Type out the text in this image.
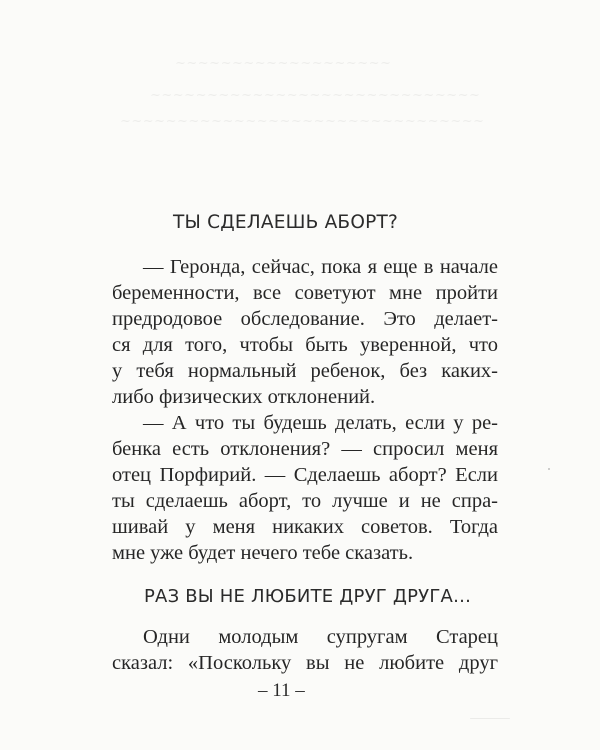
~~~~~~~~~~~~~~~~~~~
~~~~~~~~~~~~~~~~~~~~~~~~~~~~~
~~~~~~~~~~~~~~~~~~~~~~~~~~~~~~~~
ТЫ СДЕЛАЕШЬ АБОРТ?
— Геронда, сейчас, пока я еще в начале
беременности, все советуют мне пройти
предродовое обследование. Это делает-
ся для того, чтобы быть уверенной, что
у тебя нормальный ребенок, без каких-
либо физических отклонений.
— А что ты будешь делать, если у ре-
бенка есть отклонения? — спросил меня
отец Порфирий. — Сделаешь аборт? Если
ты сделаешь аборт, то лучше и не спра-
шивай у меня никаких советов. Тогда
мне уже будет нечего тебе сказать.
РАЗ ВЫ НЕ ЛЮБИТЕ ДРУГ ДРУГА…
Одни молодым супругам Старец
сказал: «Поскольку вы не любите друг
– 11 –
